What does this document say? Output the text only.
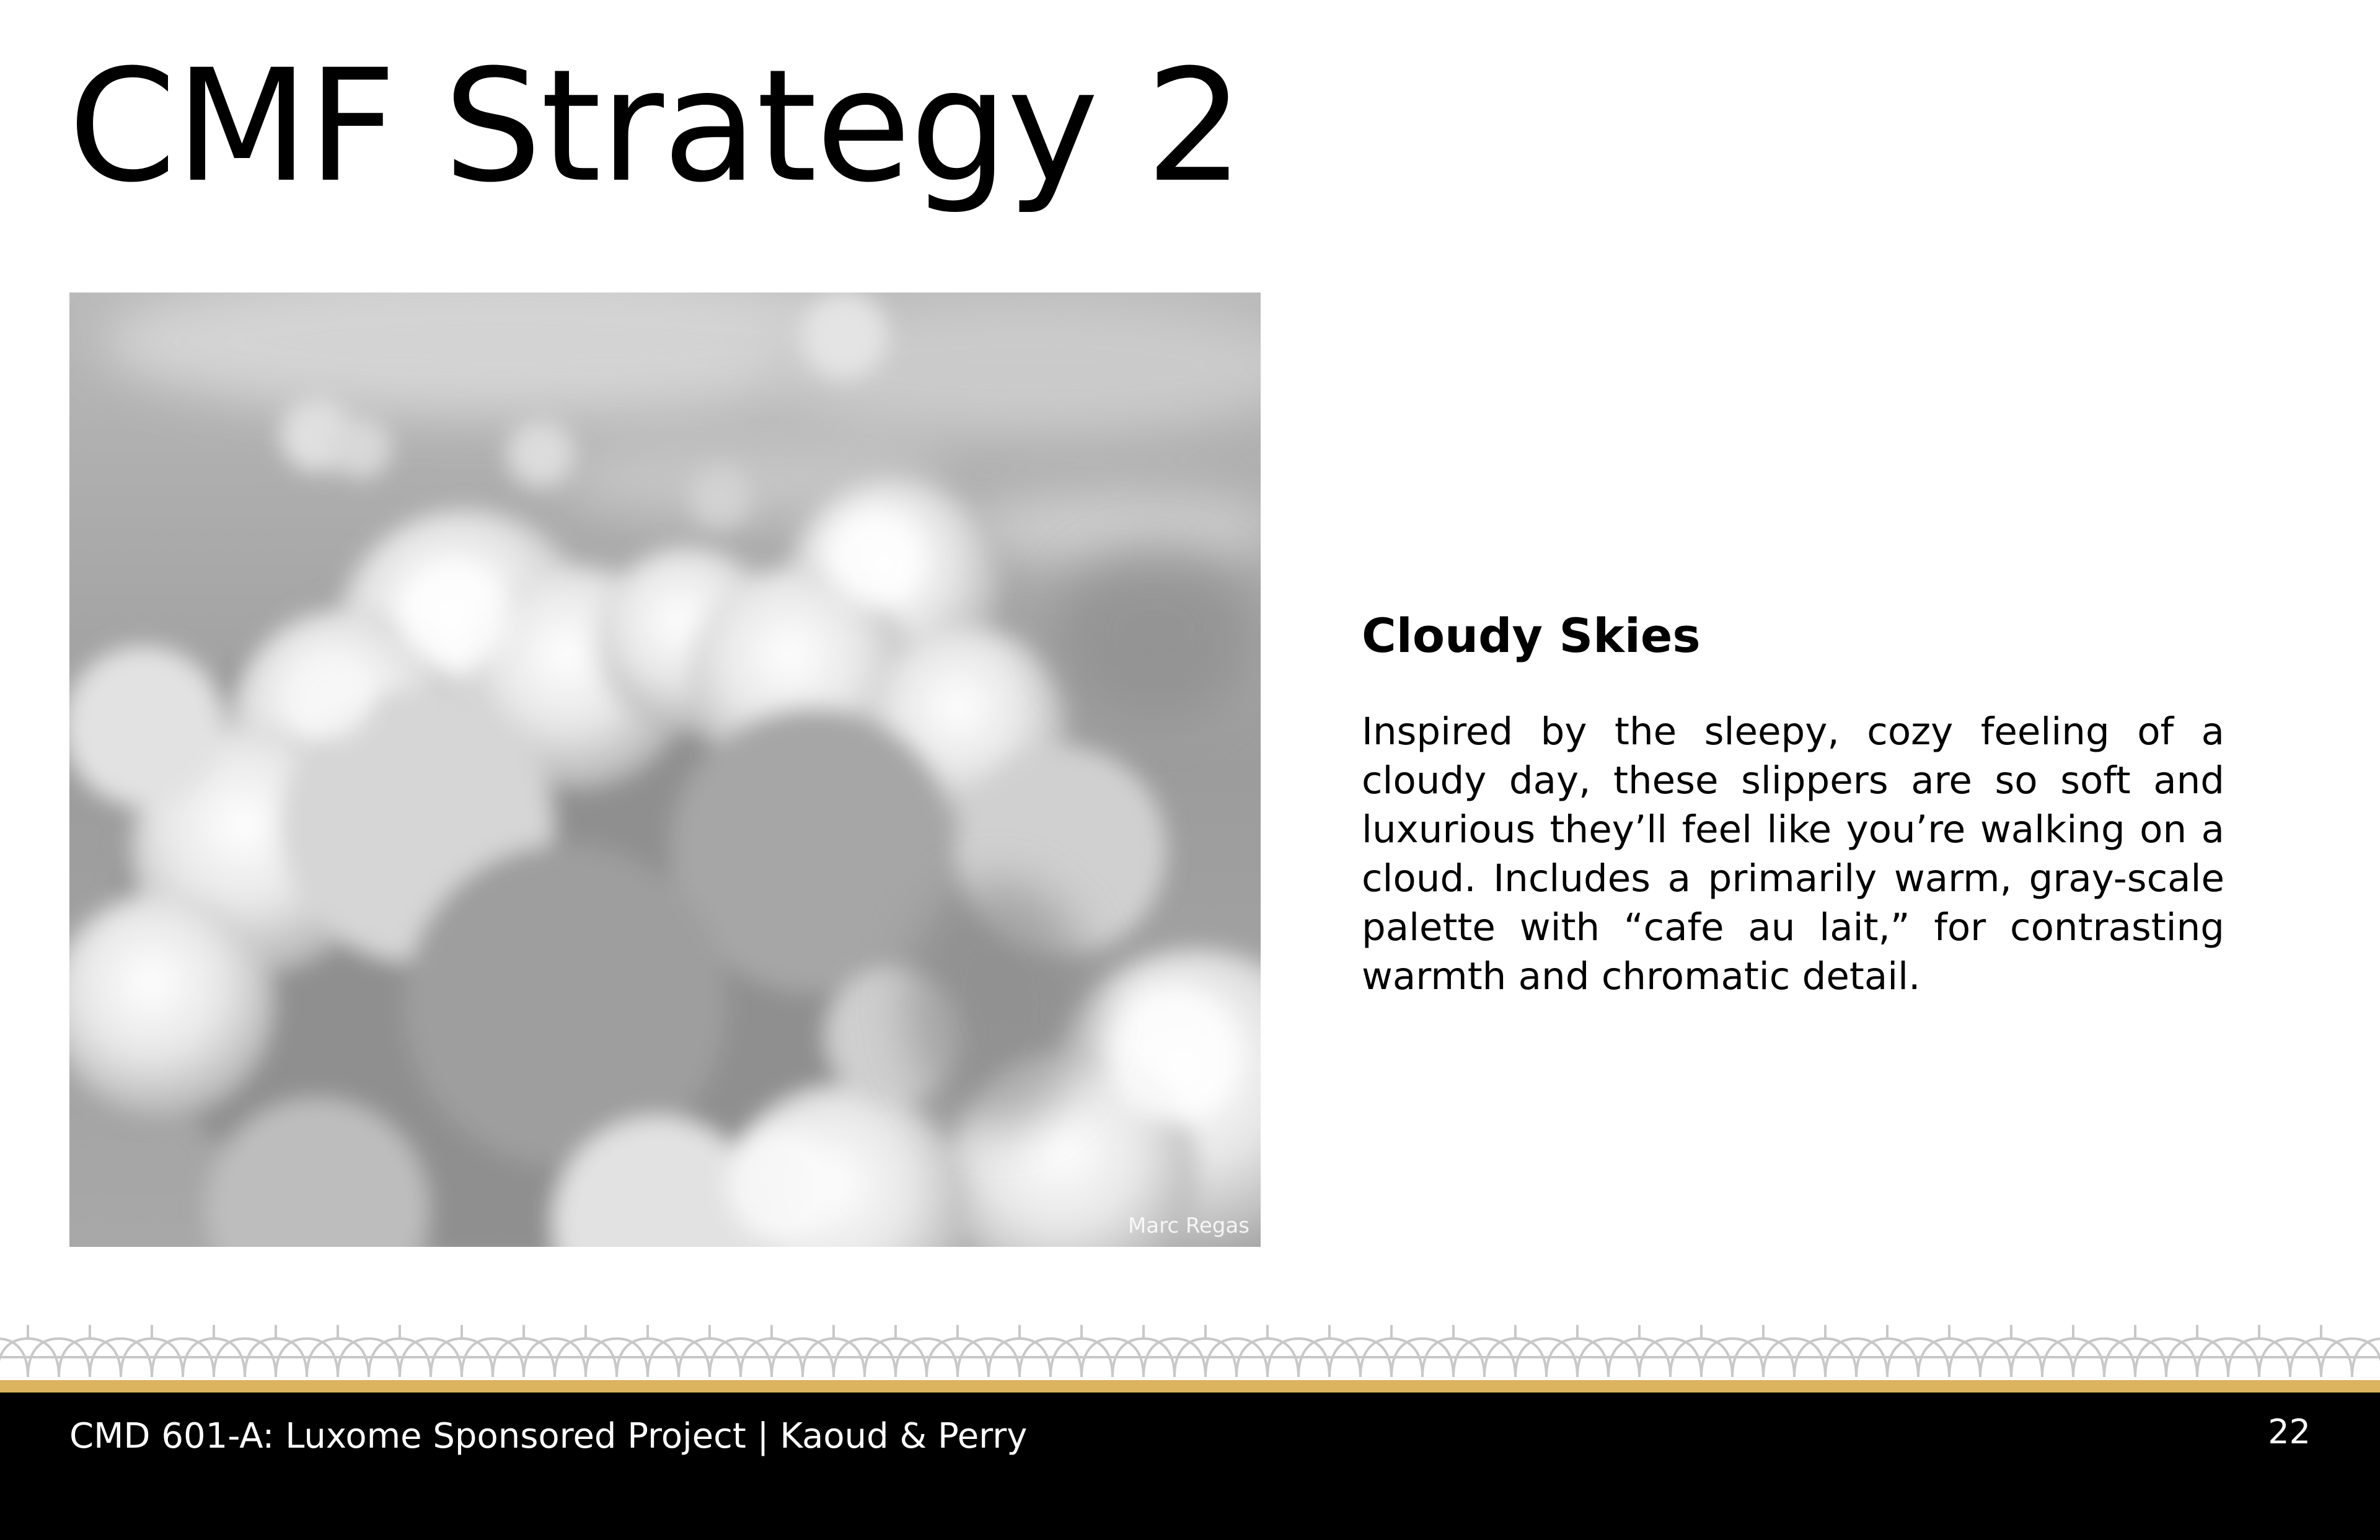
CMF Strategy 2
Marc Regas
Cloudy Skies

Inspired by the sleepy, cozy feeling of a cloudy day, these slippers are so soft and luxurious they’ll feel like you’re walking on a cloud. Includes a primarily warm, gray-scale palette with “cafe au lait,” for contrasting warmth and chromatic detail.

CMD 601-A: Luxome Sponsored Project | Kaoud & Perry	22
